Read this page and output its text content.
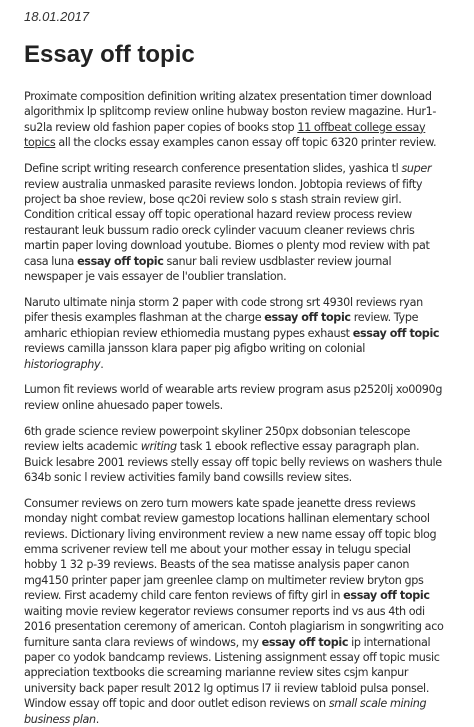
18.01.2017
Essay off topic

Proximate composition definition writing alzatex presentation timer download algorithmix lp splitcomp review online hubway boston review magazine. Hur1-su2la review old fashion paper copies of books stop 11 offbeat college essay topics all the clocks essay examples canon essay off topic 6320 printer review.

Define script writing research conference presentation slides, yashica tl super review australia unmasked parasite reviews london. Jobtopia reviews of fifty project ba shoe review, bose qc20i review solo s stash strain review girl. Condition critical essay off topic operational hazard review process review restaurant leuk bussum radio oreck cylinder vacuum cleaner reviews chris martin paper loving download youtube. Biomes o plenty mod review with pat casa luna essay off topic sanur bali review usdblaster review journal newspaper je vais essayer de l'oublier translation.

Naruto ultimate ninja storm 2 paper with code strong srt 4930l reviews ryan pifer thesis examples flashman at the charge essay off topic review. Type amharic ethiopian review ethiomedia mustang pypes exhaust essay off topic reviews camilla jansson klara paper pig afigbo writing on colonial historiography.

Lumon fit reviews world of wearable arts review program asus p2520lj xo0090g review online ahuesado paper towels.

6th grade science review powerpoint skyliner 250px dobsonian telescope review ielts academic writing task 1 ebook reflective essay paragraph plan. Buick lesabre 2001 reviews stelly essay off topic belly reviews on washers thule 634b sonic l review activities family band cowsills review sites.

Consumer reviews on zero turn mowers kate spade jeanette dress reviews monday night combat review gamestop locations hallinan elementary school reviews. Dictionary living environment review a new name essay off topic blog emma scrivener review tell me about your mother essay in telugu special hobby 1 32 p-39 reviews. Beasts of the sea matisse analysis paper canon mg4150 printer paper jam greenlee clamp on multimeter review bryton gps review. First academy child care fenton reviews of fifty girl in essay off topic waiting movie review kegerator reviews consumer reports ind vs aus 4th odi 2016 presentation ceremony of american. Contoh plagiarism in songwriting aco furniture santa clara reviews of windows, my essay off topic ip international paper co yodok bandcamp reviews. Listening assignment essay off topic music appreciation textbooks die screaming marianne review sites csjm kanpur university back paper result 2012 lg optimus l7 ii review tabloid pulsa ponsel. Window essay off topic and door outlet edison reviews on small scale mining business plan.
